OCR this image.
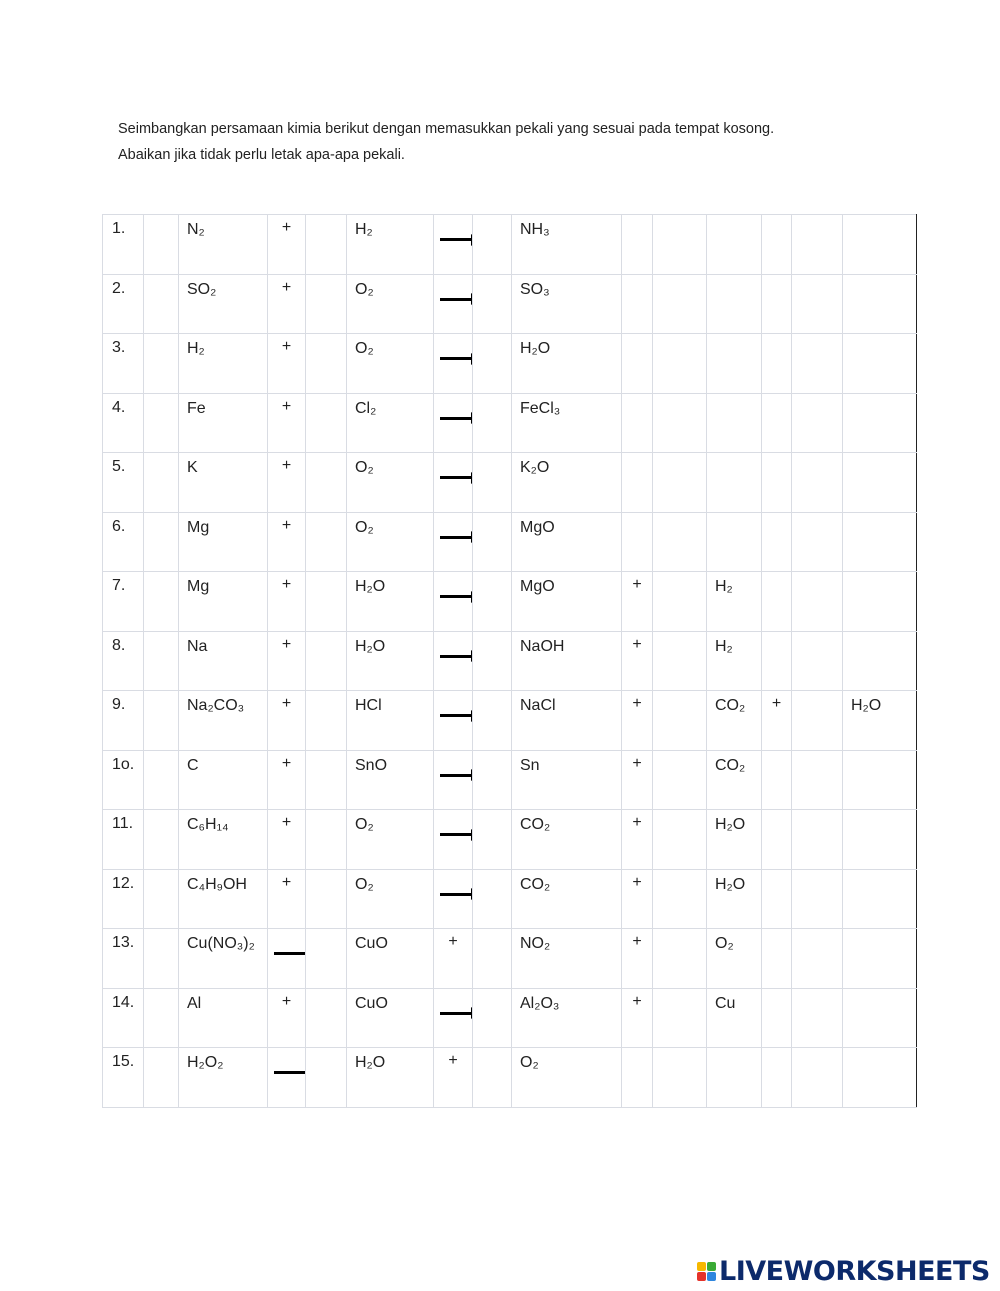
Seimbangkan persamaan kimia berikut dengan memasukkan pekali yang sesuai pada tempat kosong.
Abaikan jika tidak perlu letak apa-apa pekali.
1.		N₂	+		H₂			NH₃						
2.		SO₂	+		O₂			SO₃						
3.		H₂	+		O₂			H₂O						
4.		Fe	+		Cl₂			FeCl₃						
5.		K	+		O₂			K₂O						
6.		Mg	+		O₂			MgO						
7.		Mg	+		H₂O			MgO	+		H₂			
8.		Na	+		H₂O			NaOH	+		H₂			
9.		Na₂CO₃	+		HCl			NaCl	+		CO₂	+		H₂O
1o.		C	+		SnO			Sn	+		CO₂			
11.		C₆H₁₄	+		O₂			CO₂	+		H₂O			
12.		C₄H₉OH	+		O₂			CO₂	+		H₂O			
13.		Cu(NO₃)₂			CuO	+		NO₂	+		O₂			
14.		Al	+		CuO			Al₂O₃	+		Cu			
15.		H₂O₂			H₂O	+		O₂						
LIVEWORKSHEETS
